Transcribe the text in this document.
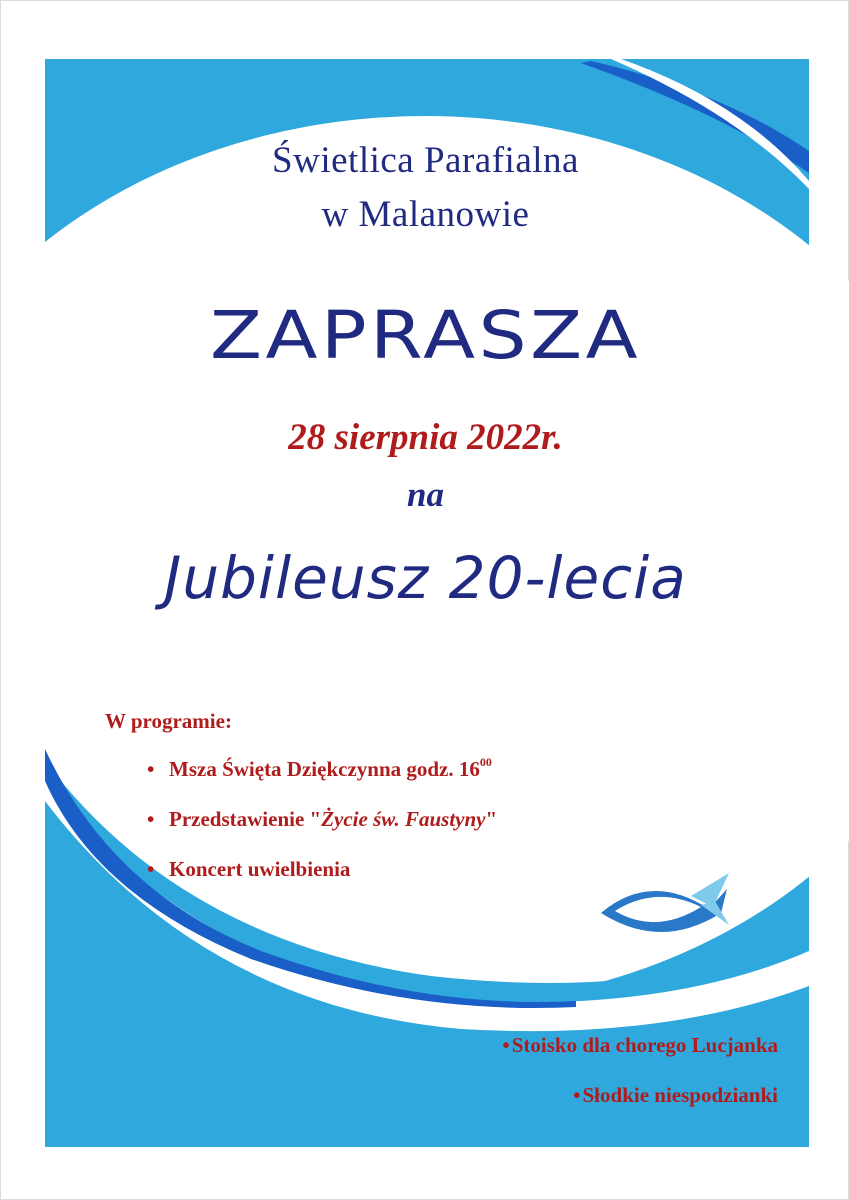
Świetlica Parafialna
w Malanowie
ZAPRASZA
28 sierpnia 2022r.
na
Jubileusz 20-lecia
W programie:
• Msza Święta Dziękczynna godz. $16^{00}$
• Przedstawienie "Życie św. Faustyny"
• Koncert uwielbienia
•Stoisko dla chorego Lucjanka
•Słodkie niespodzianki
